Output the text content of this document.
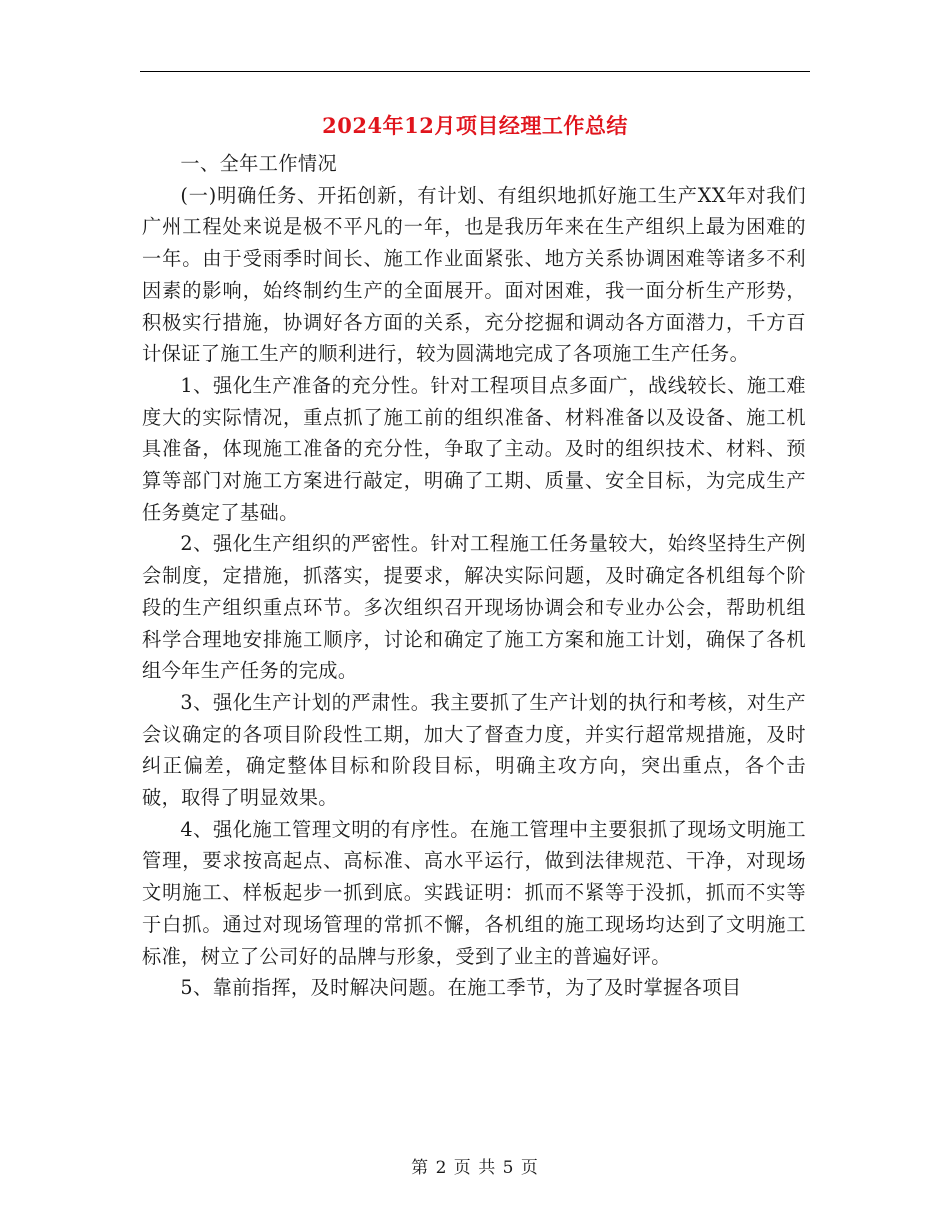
2024年12月项目经理工作总结

一、全年工作情况

(一)明确任务、开拓创新，有计划、有组织地抓好施工生产XX年对我们广州工程处来说是极不平凡的一年，也是我历年来在生产组织上最为困难的一年。由于受雨季时间长、施工作业面紧张、地方关系协调困难等诸多不利因素的影响，始终制约生产的全面展开。面对困难，我一面分析生产形势，积极实行措施，协调好各方面的关系，充分挖掘和调动各方面潜力，千方百计保证了施工生产的顺利进行，较为圆满地完成了各项施工生产任务。

1、强化生产准备的充分性。针对工程项目点多面广，战线较长、施工难度大的实际情况，重点抓了施工前的组织准备、材料准备以及设备、施工机具准备，体现施工准备的充分性，争取了主动。及时的组织技术、材料、预算等部门对施工方案进行敲定，明确了工期、质量、安全目标，为完成生产任务奠定了基础。

2、强化生产组织的严密性。针对工程施工任务量较大，始终坚持生产例会制度，定措施，抓落实，提要求，解决实际问题，及时确定各机组每个阶段的生产组织重点环节。多次组织召开现场协调会和专业办公会，帮助机组科学合理地安排施工顺序，讨论和确定了施工方案和施工计划，确保了各机组今年生产任务的完成。

3、强化生产计划的严肃性。我主要抓了生产计划的执行和考核，对生产会议确定的各项目阶段性工期，加大了督查力度，并实行超常规措施，及时纠正偏差，确定整体目标和阶段目标，明确主攻方向，突出重点，各个击破，取得了明显效果。

4、强化施工管理文明的有序性。在施工管理中主要狠抓了现场文明施工管理，要求按高起点、高标准、高水平运行，做到法律规范、干净，对现场文明施工、样板起步一抓到底。实践证明：抓而不紧等于没抓，抓而不实等于白抓。通过对现场管理的常抓不懈，各机组的施工现场均达到了文明施工标准，树立了公司好的品牌与形象，受到了业主的普遍好评。

5、靠前指挥，及时解决问题。在施工季节，为了及时掌握各项目

第 2 页 共 5 页
